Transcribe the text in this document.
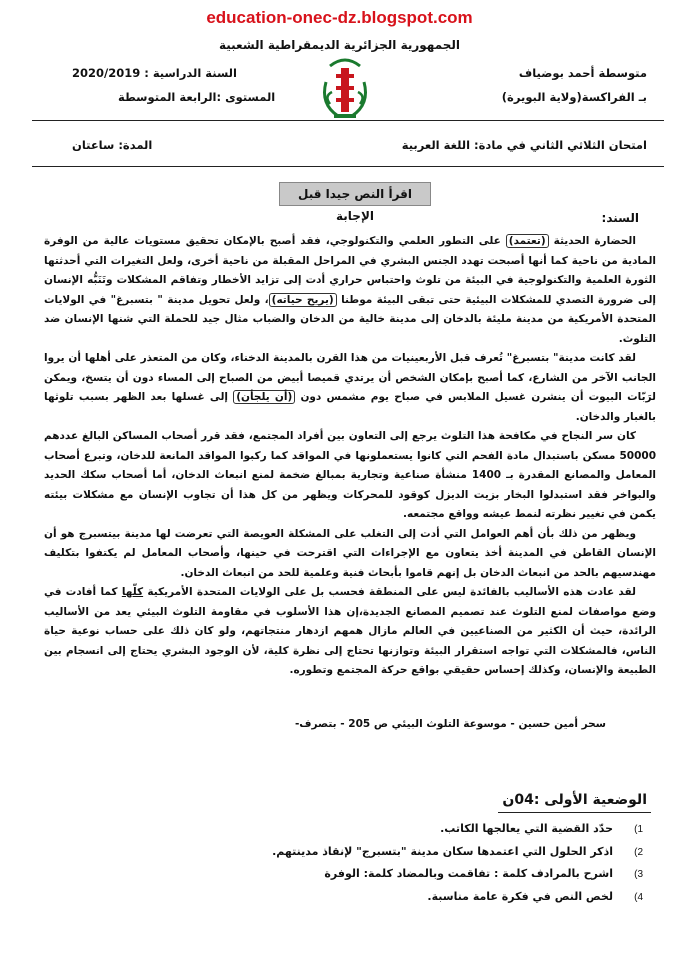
education-onec-dz.blogspot.com
الجمهورية الجزائرية الديمقراطية الشعبية
متوسطة أحمد بوضياف
بـ الفراكسة(ولاية البويرة)
السنة الدراسية : 2020/2019
المستوى :الرابعة المتوسطة
امتحان الثلاثي الثاني في مادة: اللغة العربية
المدة: ساعتان
اقرأ النص جيدا قبل الإجابة	السند:

الحضارة الحديثة (تعتمد) على التطور العلمي والتكنولوجي، فقد أصبح بالإمكان تحقيق مستويات عالية من الوفرة المادية من ناحية كما أنها أصبحت تهدد الجنس البشري في المراحل المقبلة من ناحية أخرى، ولعل التغيرات التي أحدثتها الثورة العلمية والتكنولوجية في البيئة من تلوث واحتباس حراري أدت إلى تزايد الأخطار وتفاقم المشكلات وتَنَبُّه الإنسان إلى ضرورة التصدي للمشكلات البيئية حتى تبقى البيئة موطنا (يريح حياته)، ولعل تحويل مدينة " بتسبرغ" في الولايات المتحدة الأمريكية من مدينة مليئة بالدخان إلى مدينة خالية من الدخان والضباب مثال جيد للحملة التي شنها الإنسان ضد التلوث.

لقد كانت مدينة" بتسبرغ" تُعرف قبل الأربعينيات من هذا القرن بالمدينة الدخناء، وكان من المتعذر على أهلها أن يروا الجانب الآخر من الشارع، كما أصبح بإمكان الشخص أن يرتدي قميصا أبيض من الصباح إلى المساء دون أن يتسخ، ويمكن لرَبّات البيوت أن ينشرن غسيل الملابس في صباح يوم مشمس دون (أن يلجأن) إلى غسلها بعد الظهر بسبب تلوثها بالغبار والدخان.

كان سر النجاح في مكافحة هذا التلوث يرجع إلى التعاون بين أفراد المجتمع، فقد قرر أصحاب المساكن البالغ عددهم 50000 مسكن باستبدال مادة الفحم التي كانوا يستعملونها في المواقد كما ركبوا المواقد المانعة للدخان، وتبرع أصحاب المعامل والمصانع المقدرة بـ 1400 منشأة صناعية وتجارية بمبالغ ضخمة لمنع انبعاث الدخان، أما أصحاب سكك الحديد والبواخر فقد استبدلوا البخار بزيت الديزل كوقود للمحركات ويظهر من كل هذا أن تجاوب الإنسان مع مشكلات بيئته يكمن في تغيير نظرته لنمط عيشه وواقع مجتمعه.

ويظهر من ذلك بأن أهم العوامل التي أدت إلى التغلب على المشكلة العويصة التي تعرضت لها مدينة بيتسبرج هو أن الإنسان القاطن في المدينة أخذ يتعاون مع الإجراءات التي اقترحت في حينها، وأصحاب المعامل لم يكتفوا بتكليف مهندسيهم بالحد من انبعاث الدخان بل إنهم قاموا بأبحاث فنية وعلمية للحد من انبعاث الدخان.

لقد عادت هذه الأساليب بالفائدة ليس على المنطقة فحسب بل على الولايات المتحدة الأمريكية كلّها كما أفادت في وضع مواصفات لمنع التلوث عند تصميم المصانع الجديدة،إن هذا الأسلوب في مقاومة التلوث البيئي يعد من الأساليب الرائدة، حيث أن الكثير من الصناعيين في العالم مازال همهم ازدهار منتجاتهم، ولو كان ذلك على حساب نوعية حياة الناس، فالمشكلات التي تواجه استقرار البيئة وتوازنها تحتاج إلى نظرة كلية، لأن الوجود البشري يحتاج إلى انسجام بين الطبيعة والإنسان، وكذلك إحساس حقيقي بواقع حركة المجتمع وتطوره.

سحر أمين حسين - موسوعة التلوث البيئي ص 205 - بتصرف-
الوضعية الأولى :04ن
1)حدّد القضية التي يعالجها الكاتب.
2)اذكر الحلول التي اعتمدها سكان مدينة "بتسبرج" لإنقاذ مدينتهم.
3)اشرح بالمرادف كلمة : تفاقمت وبالمضاد كلمة: الوفرة
4)لخص النص في فكرة عامة مناسبة.
